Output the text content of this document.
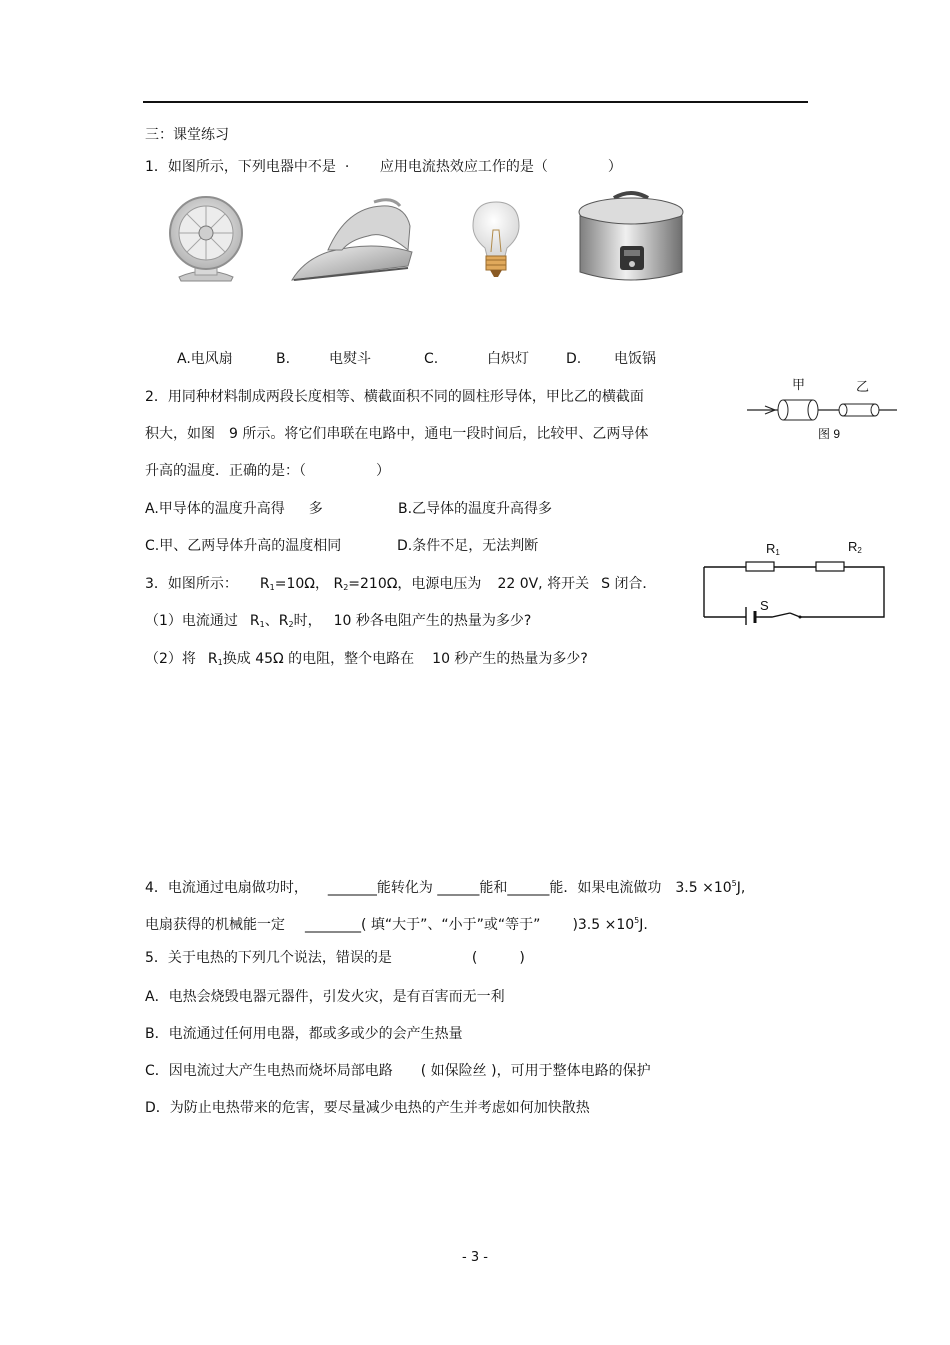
三：课堂练习
1．如图所示，下列电器中不是  · 应用电流热效应工作的是（	）
A.电风扇	B.	电熨斗	C.	白炽灯	D. 电饭锅
2．用同种材料制成两段长度相等、横截面积不同的圆柱形导体，甲比乙的横截面
积大，如图　9 所示。将它们串联在电路中，通电一段时间后，比较甲、乙两导体
升高的温度．正确的是：（　　　　　）
A.甲导体的温度升高得 多	B.乙导体的温度升高得多
C.甲、乙两导体升高的温度相同	D.条件不足，无法判断
甲	乙
图 9
3．如图所示： $R_1=10\Omega$， $R_2=210\Omega$，电源电压为 22 0V, 将开关 S 闭合．
（1）电流通过 $R_1$、$R_2$时， 10 秒各电阻产生的热量为多少?
（2）将 $R_1$换成 45Ω 的电阻，整个电路在 10 秒产生的热量为多少?
$R_1$	$R_2$
S
4．电流通过电扇做功时， _______能转化为 ______能和______能．如果电流做功 $3.5 \times 10^5J$,
电扇获得的机械能一定 ________( 填“大于”、“小于”或“等于” )$3.5 \times 10^5J$.
5．关于电热的下列几个说法，错误的是	(　　　)
A．电热会烧毁电器元器件，引发火灾，是有百害而无一利
B．电流通过任何用电器，都或多或少的会产生热量
C．因电流过大产生电热而烧坏局部电路　　( 如保险丝 )，可用于整体电路的保护
D．为防止电热带来的危害，要尽量减少电热的产生并考虑如何加快散热
- 3 -
